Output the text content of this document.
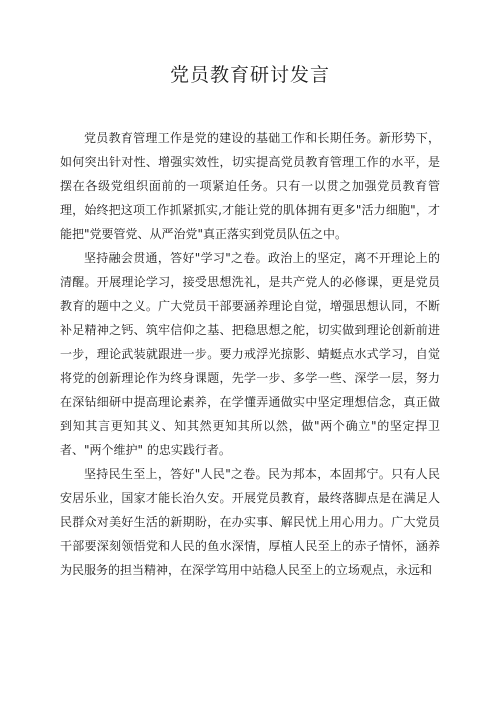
党员教育研讨发言

党员教育管理工作是党的建设的基础工作和长期任务。新形势下，如何突出针对性、增强实效性，切实提高党员教育管理工作的水平，是摆在各级党组织面前的一项紧迫任务。只有一以贯之加强党员教育管理，始终把这项工作抓紧抓实,才能让党的肌体拥有更多"活力细胞"，才能把"党要管党、从严治党"真正落实到党员队伍之中。

坚持融会贯通，答好"学习"之卷。政治上的坚定，离不开理论上的清醒。开展理论学习，接受思想洗礼，是共产党人的必修课，更是党员教育的题中之义。广大党员干部要涵养理论自觉，增强思想认同，不断补足精神之钙、筑牢信仰之基、把稳思想之舵，切实做到理论创新前进一步，理论武装就跟进一步。要力戒浮光掠影、蜻蜓点水式学习，自觉将党的创新理论作为终身课题，先学一步、多学一些、深学一层，努力在深钻细研中提高理论素养，在学懂弄通做实中坚定理想信念，真正做到知其言更知其义、知其然更知其所以然，做"两个确立"的坚定捍卫者、"两个维护" 的忠实践行者。

坚持民生至上，答好"人民"之卷。民为邦本，本固邦宁。只有人民安居乐业，国家才能长治久安。开展党员教育，最终落脚点是在满足人民群众对美好生活的新期盼，在办实事、解民忧上用心用力。广大党员干部要深刻领悟党和人民的鱼水深情，厚植人民至上的赤子情怀，涵养为民服务的担当精神，在深学笃用中站稳人民至上的立场观点，永远和
